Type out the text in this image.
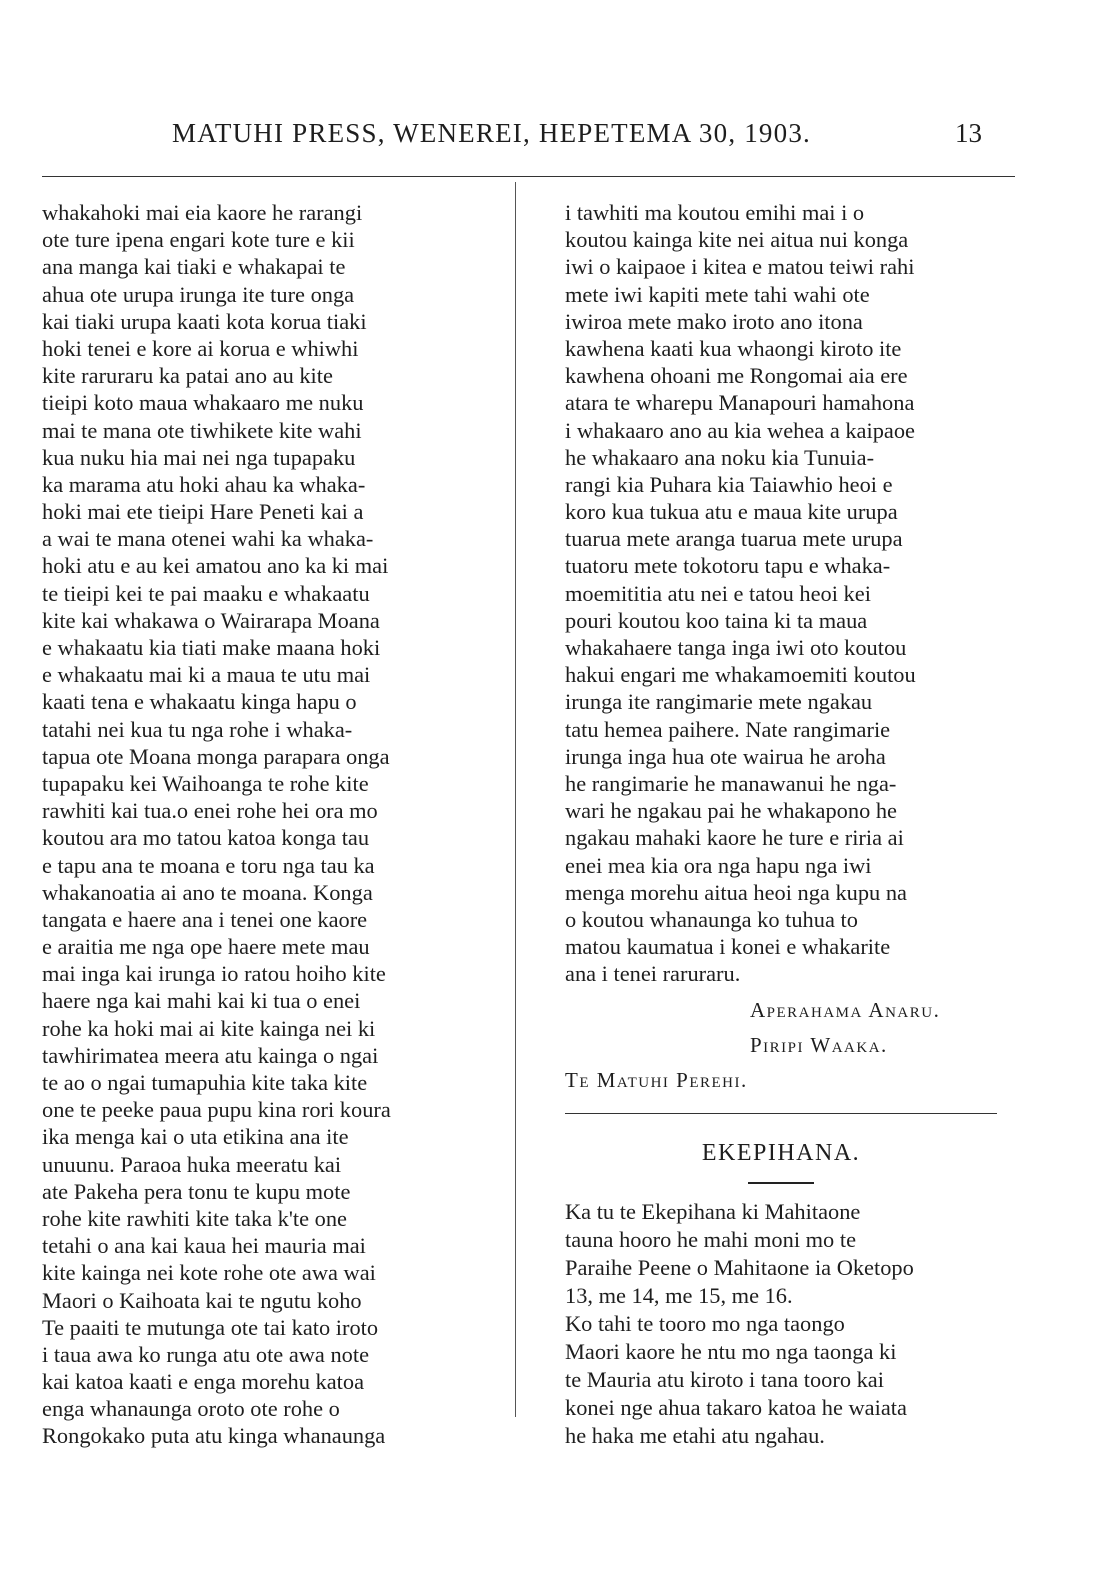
MATUHI PRESS, WENEREI, HEPETEMA 30, 1903.	13
whakahoki mai eia kaore he rarangi
ote ture ipena engari kote ture e kii
ana manga kai tiaki e whakapai te
ahua ote urupa irunga ite ture onga
kai tiaki urupa kaati kota korua tiaki
hoki tenei e kore ai korua e whiwhi
kite raruraru ka patai ano au kite
tieipi koto maua whakaaro me nuku
mai te mana ote tiwhikete kite wahi
kua nuku hia mai nei nga tupapaku
ka marama atu hoki ahau ka whaka-
hoki mai ete tieipi Hare Peneti kai a
a wai te mana otenei wahi ka whaka-
hoki atu e au kei amatou ano ka ki mai
te tieipi kei te pai maaku e whakaatu
kite kai whakawa o Wairarapa Moana
e whakaatu kia tiati make maana hoki
e whakaatu mai ki a maua te utu mai
kaati tena e whakaatu kinga hapu o
tatahi nei kua tu nga rohe i whaka-
tapua ote Moana monga parapara onga
tupapaku kei Waihoanga te rohe kite
rawhiti kai tua.o enei rohe hei ora mo
koutou ara mo tatou katoa konga tau
e tapu ana te moana e toru nga tau ka
whakanoatia ai ano te moana. Konga
tangata e haere ana i tenei one kaore
e araitia me nga ope haere mete mau
mai inga kai irunga io ratou hoiho kite
haere nga kai mahi kai ki tua o enei
rohe ka hoki mai ai kite kainga nei ki
tawhirimatea meera atu kainga o ngai
te ao o ngai tumapuhia kite taka kite
one te peeke paua pupu kina rori koura
ika menga kai o uta etikina ana ite
unuunu. Paraoa huka meeratu kai
ate Pakeha pera tonu te kupu mote
rohe kite rawhiti kite taka k'te one
tetahi o ana kai kaua hei mauria mai
kite kainga nei kote rohe ote awa wai
Maori o Kaihoata kai te ngutu koho
Te paaiti te mutunga ote tai kato iroto
i taua awa ko runga atu ote awa note
kai katoa kaati e enga morehu katoa
enga whanaunga oroto ote rohe o
Rongokako puta atu kinga whanaunga
i tawhiti ma koutou emihi mai i o
koutou kainga kite nei aitua nui konga
iwi o kaipaoe i kitea e matou teiwi rahi
mete iwi kapiti mete tahi wahi ote
iwiroa mete mako iroto ano itona
kawhena kaati kua whaongi kiroto ite
kawhena ohoani me Rongomai aia ere
atara te wharepu Manapouri hamahona
i whakaaro ano au kia wehea a kaipaoe
he whakaaro ana noku kia Tunuia-
rangi kia Puhara kia Taiawhio heoi e
koro kua tukua atu e maua kite urupa
tuarua mete aranga tuarua mete urupa
tuatoru mete tokotoru tapu e whaka-
moemititia atu nei e tatou heoi kei
pouri koutou koo taina ki ta maua
whakahaere tanga inga iwi oto koutou
hakui engari me whakamoemiti koutou
irunga ite rangimarie mete ngakau
tatu hemea paihere. Nate rangimarie
irunga inga hua ote wairua he aroha
he rangimarie he manawanui he nga-
wari he ngakau pai he whakapono he
ngakau mahaki kaore he ture e riria ai
enei mea kia ora nga hapu nga iwi
menga morehu aitua heoi nga kupu na
o koutou whanaunga ko tuhua to
matou kaumatua i konei e whakarite
ana i tenei raruraru.
Aperahama Anaru.
Piripi Waaka.
Te Matuhi Perehi.
EKEPIHANA.
Ka tu te Ekepihana ki Mahitaone
tauna hooro he mahi moni mo te
Paraihe Peene o Mahitaone ia Oketopo
13, me 14, me 15, me 16.
Ko tahi te tooro mo nga taongo
Maori kaore he ntu mo nga taonga ki
te Mauria atu kiroto i tana tooro kai
konei nge ahua takaro katoa he waiata
he haka me etahi atu ngahau.
